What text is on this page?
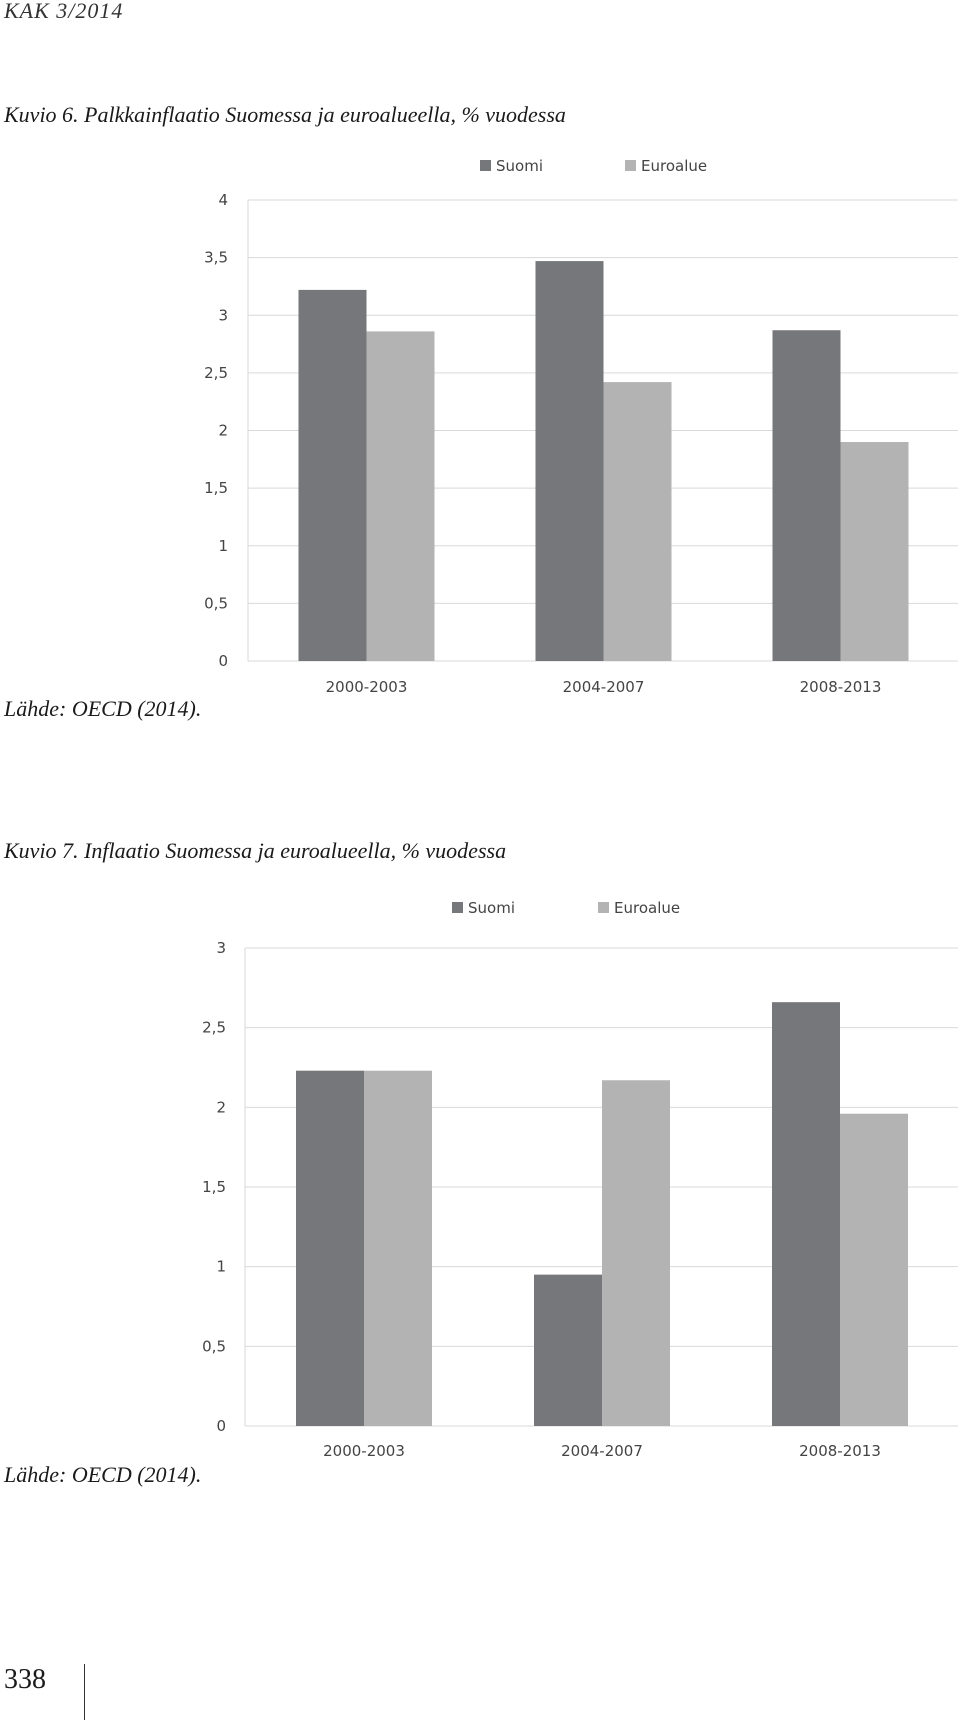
KAK 3/2014
Kuvio 6. Palkkainflaatio Suomessa ja euroalueella, % vuodessa
0
0,5
1
1,5
2
2,5
3
3,5
4
2000-2003	2004-2007	2008-2013
Suomi	Euroalue
Lähde: OECD (2014).
Kuvio 7. Inflaatio Suomessa ja euroalueella, % vuodessa
0
0,5
1
1,5
2
2,5
3
2000-2003	2004-2007	2008-2013
Suomi	Euroalue
Lähde: OECD (2014).
338
